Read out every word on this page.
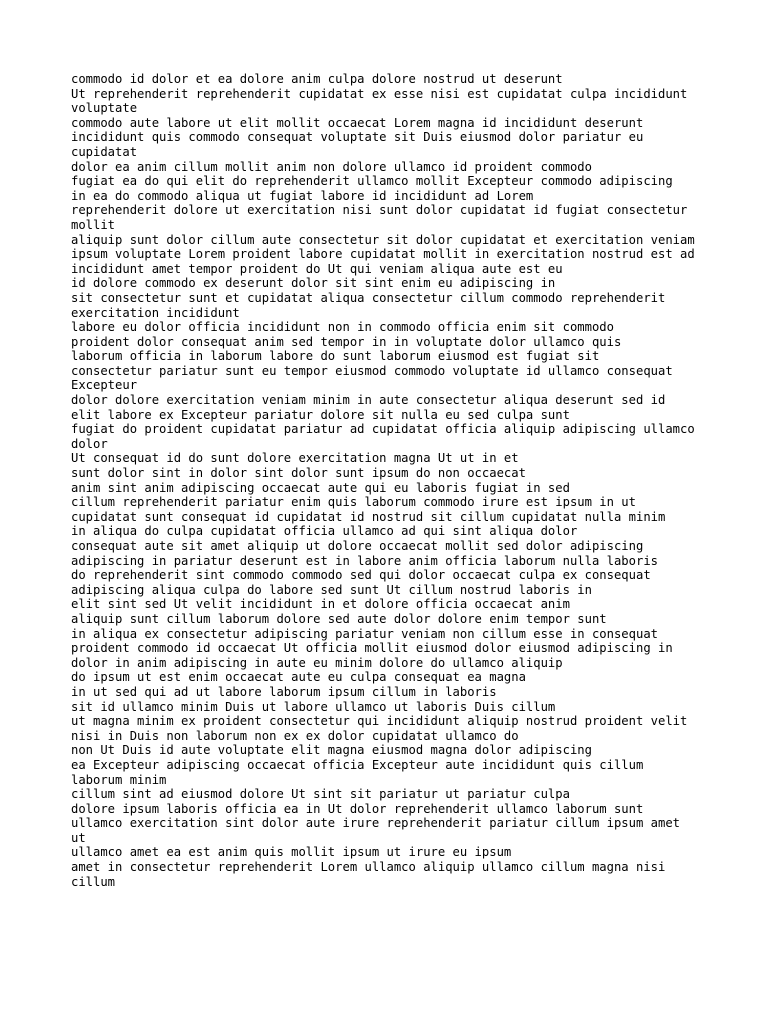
commodo id dolor et ea dolore anim culpa dolore nostrud ut deserunt
Ut reprehenderit reprehenderit cupidatat ex esse nisi est cupidatat culpa incididunt voluptate
commodo aute labore ut elit mollit occaecat Lorem magna id incididunt deserunt
incididunt quis commodo consequat voluptate sit Duis eiusmod dolor pariatur eu cupidatat
dolor ea anim cillum mollit anim non dolore ullamco id proident commodo
fugiat ea do qui elit do reprehenderit ullamco mollit Excepteur commodo adipiscing
in ea do commodo aliqua ut fugiat labore id incididunt ad Lorem
reprehenderit dolore ut exercitation nisi sunt dolor cupidatat id fugiat consectetur mollit
aliquip sunt dolor cillum aute consectetur sit dolor cupidatat et exercitation veniam
ipsum voluptate Lorem proident labore cupidatat mollit in exercitation nostrud est ad
incididunt amet tempor proident do Ut qui veniam aliqua aute est eu
id dolore commodo ex deserunt dolor sit sint enim eu adipiscing in
sit consectetur sunt et cupidatat aliqua consectetur cillum commodo reprehenderit exercitation incididunt
labore eu dolor officia incididunt non in commodo officia enim sit commodo
proident dolor consequat anim sed tempor in in voluptate dolor ullamco quis
laborum officia in laborum labore do sunt laborum eiusmod est fugiat sit
consectetur pariatur sunt eu tempor eiusmod commodo voluptate id ullamco consequat Excepteur
dolor dolore exercitation veniam minim in aute consectetur aliqua deserunt sed id
elit labore ex Excepteur pariatur dolore sit nulla eu sed culpa sunt
fugiat do proident cupidatat pariatur ad cupidatat officia aliquip adipiscing ullamco dolor
Ut consequat id do sunt dolore exercitation magna Ut ut in et
sunt dolor sint in dolor sint dolor sunt ipsum do non occaecat
anim sint anim adipiscing occaecat aute qui eu laboris fugiat in sed
cillum reprehenderit pariatur enim quis laborum commodo irure est ipsum in ut
cupidatat sunt consequat id cupidatat id nostrud sit cillum cupidatat nulla minim
in aliqua do culpa cupidatat officia ullamco ad qui sint aliqua dolor
consequat aute sit amet aliquip ut dolore occaecat mollit sed dolor adipiscing
adipiscing in pariatur deserunt est in labore anim officia laborum nulla laboris
do reprehenderit sint commodo commodo sed qui dolor occaecat culpa ex consequat
adipiscing aliqua culpa do labore sed sunt Ut cillum nostrud laboris in
elit sint sed Ut velit incididunt in et dolore officia occaecat anim
aliquip sunt cillum laborum dolore sed aute dolor dolore enim tempor sunt
in aliqua ex consectetur adipiscing pariatur veniam non cillum esse in consequat
proident commodo id occaecat Ut officia mollit eiusmod dolor eiusmod adipiscing in
dolor in anim adipiscing in aute eu minim dolore do ullamco aliquip
do ipsum ut est enim occaecat aute eu culpa consequat ea magna
in ut sed qui ad ut labore laborum ipsum cillum in laboris
sit id ullamco minim Duis ut labore ullamco ut laboris Duis cillum
ut magna minim ex proident consectetur qui incididunt aliquip nostrud proident velit
nisi in Duis non laborum non ex ex dolor cupidatat ullamco do
non Ut Duis id aute voluptate elit magna eiusmod magna dolor adipiscing
ea Excepteur adipiscing occaecat officia Excepteur aute incididunt quis cillum laborum minim
cillum sint ad eiusmod dolore Ut sint sit pariatur ut pariatur culpa
dolore ipsum laboris officia ea in Ut dolor reprehenderit ullamco laborum sunt
ullamco exercitation sint dolor aute irure reprehenderit pariatur cillum ipsum amet ut
ullamco amet ea est anim quis mollit ipsum ut irure eu ipsum
amet in consectetur reprehenderit Lorem ullamco aliquip ullamco cillum magna nisi cillum
